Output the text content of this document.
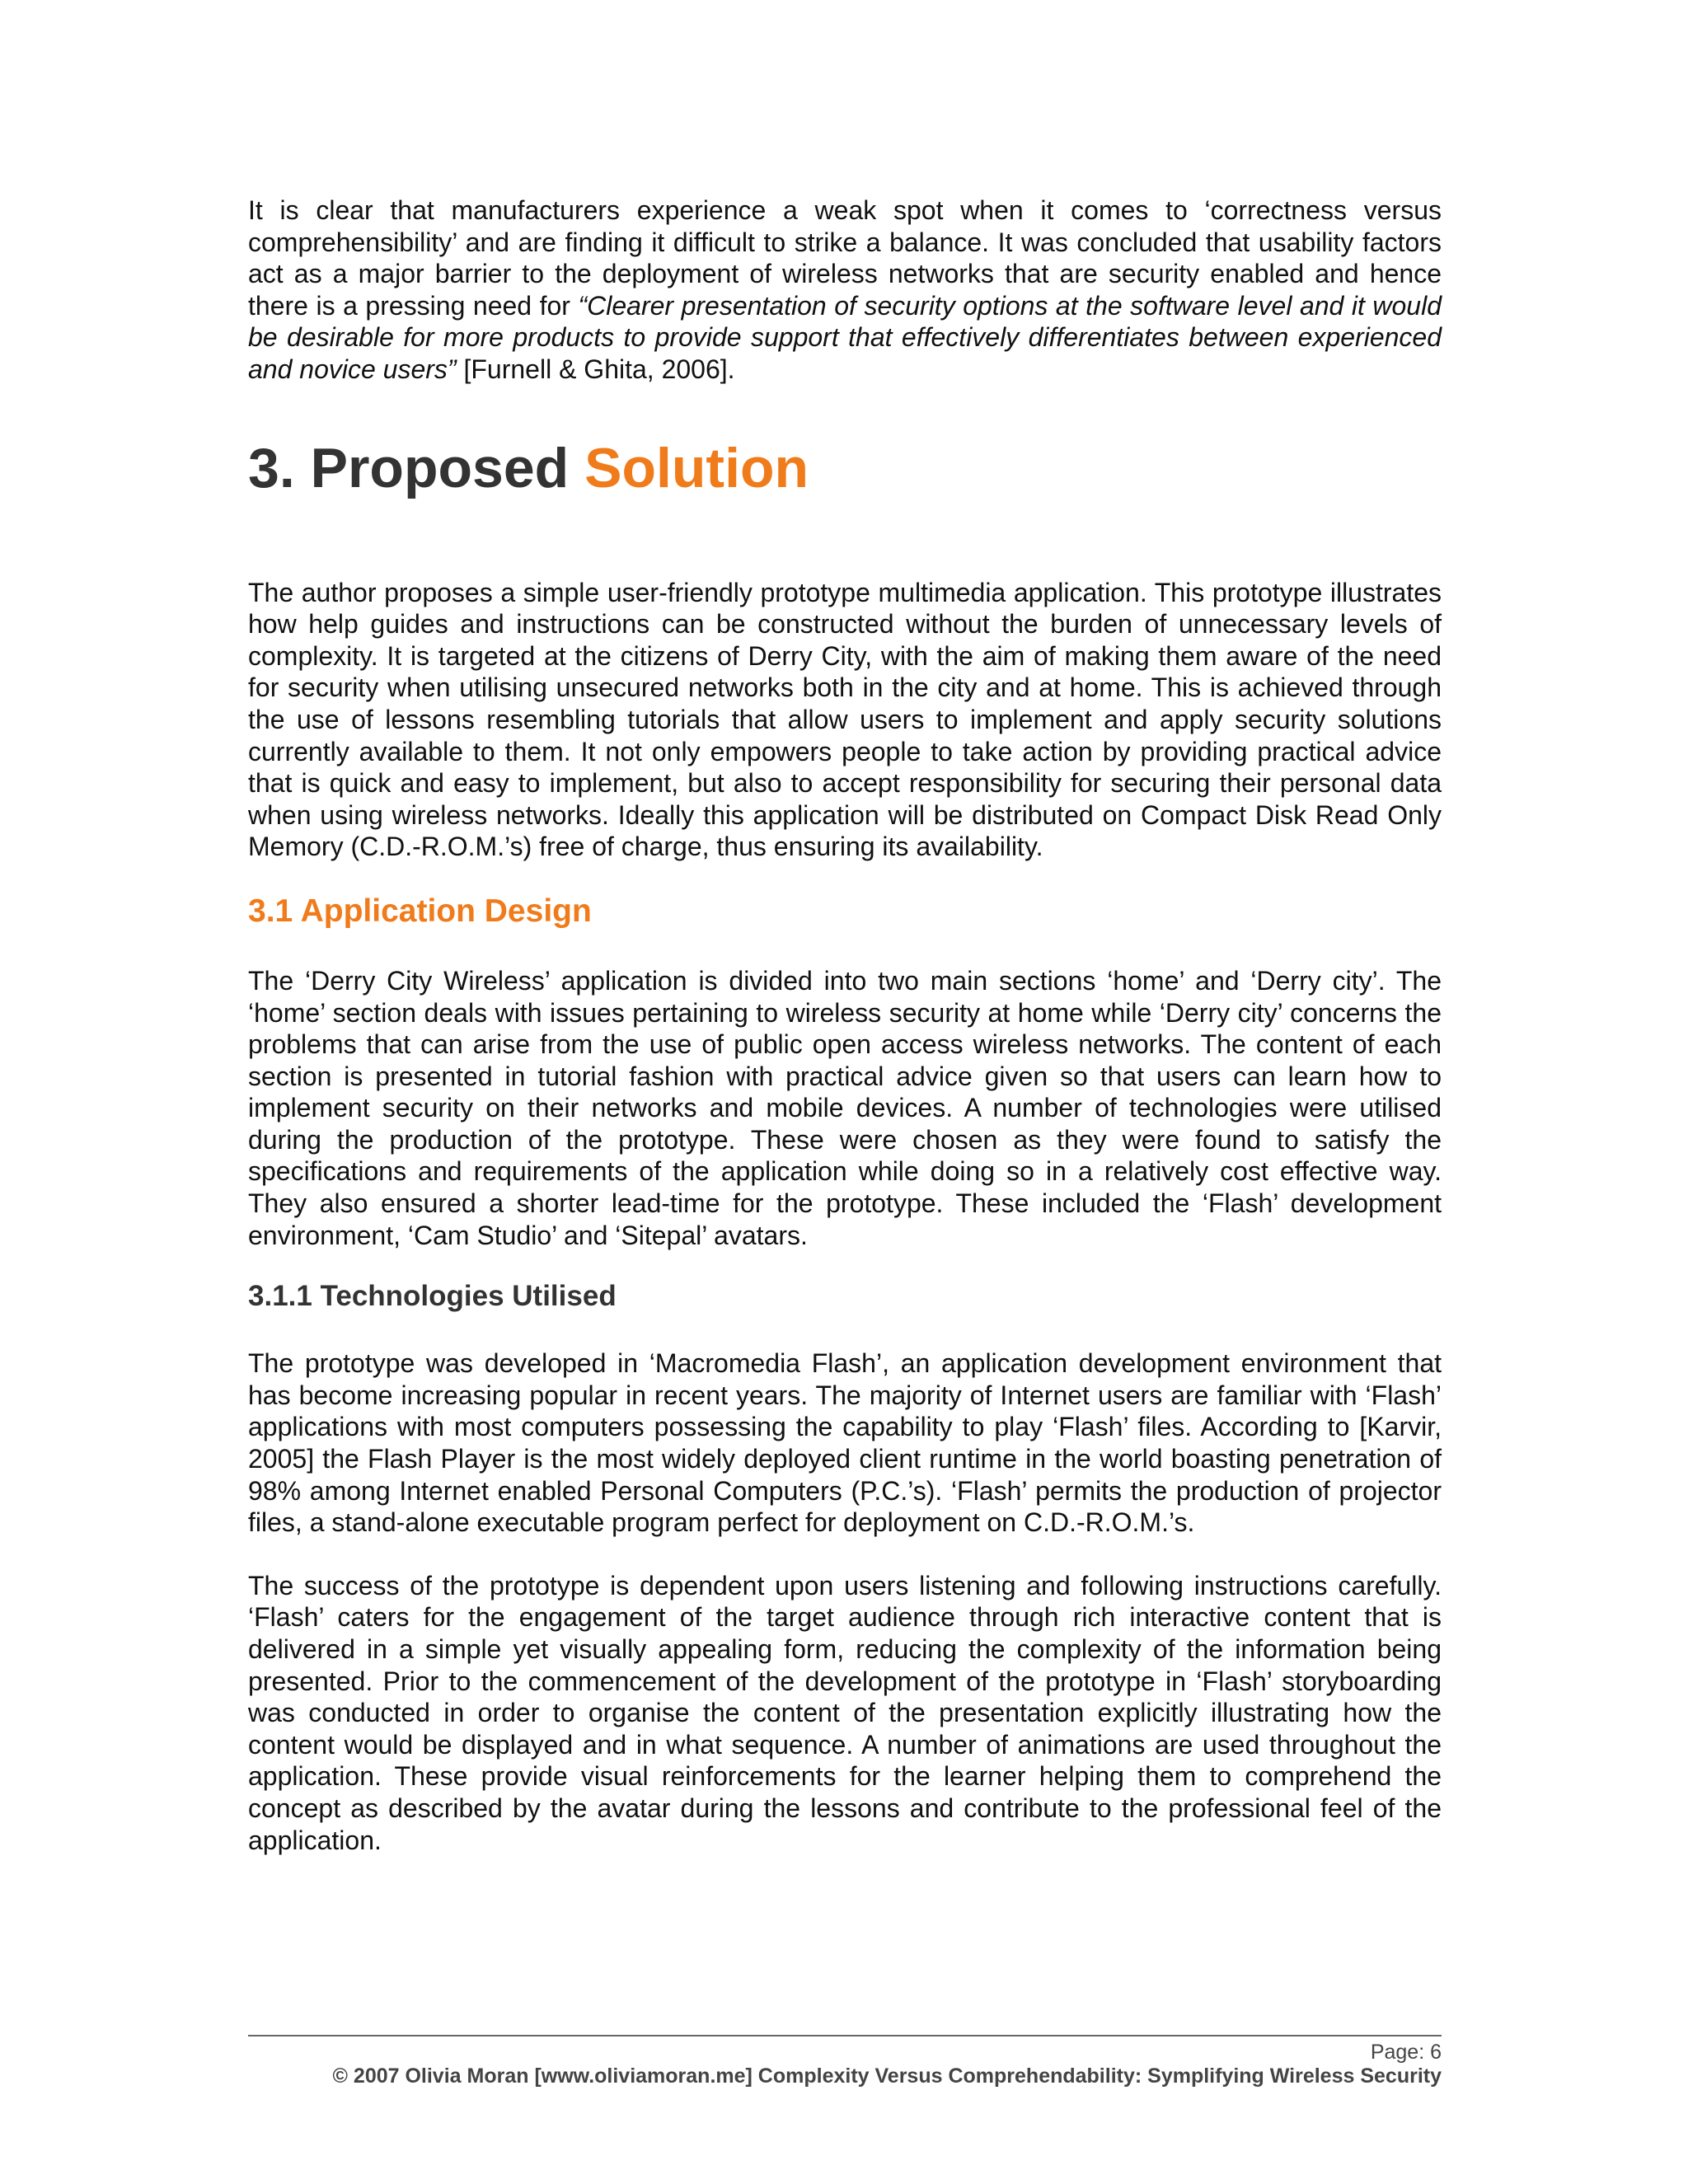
It is clear that manufacturers experience a weak spot when it comes to ‘correctness versus comprehensibility’ and are finding it difficult to strike a balance. It was concluded that usability factors act as a major barrier to the deployment of wireless networks that are security enabled and hence there is a pressing need for “Clearer presentation of security options at the software level and it would be desirable for more products to provide support that effectively differentiates between experienced and novice users” [Furnell & Ghita, 2006].

3. Proposed Solution

The author proposes a simple user-friendly prototype multimedia application. This prototype illustrates how help guides and instructions can be constructed without the burden of unnecessary levels of complexity. It is targeted at the citizens of Derry City, with the aim of making them aware of the need for security when utilising unsecured networks both in the city and at home. This is achieved through the use of lessons resembling tutorials that allow users to implement and apply security solutions currently available to them. It not only empowers people to take action by providing practical advice that is quick and easy to implement, but also to accept responsibility for securing their personal data when using wireless networks. Ideally this application will be distributed on Compact Disk Read Only Memory (C.D.-R.O.M.’s) free of charge, thus ensuring its availability.

3.1 Application Design

The ‘Derry City Wireless’ application is divided into two main sections ‘home’ and ‘Derry city’. The ‘home’ section deals with issues pertaining to wireless security at home while ‘Derry city’ concerns the problems that can arise from the use of public open access wireless networks. The content of each section is presented in tutorial fashion with practical advice given so that users can learn how to implement security on their networks and mobile devices. A number of technologies were utilised during the production of the prototype. These were chosen as they were found to satisfy the specifications and requirements of the application while doing so in a relatively cost effective way. They also ensured a shorter lead-time for the prototype. These included the ‘Flash’ development environment, ‘Cam Studio’ and ‘Sitepal’ avatars.

3.1.1 Technologies Utilised

The prototype was developed in ‘Macromedia Flash’, an application development environment that has become increasing popular in recent years. The majority of Internet users are familiar with ‘Flash’ applications with most computers possessing the capability to play ‘Flash’ files. According to [Karvir, 2005] the Flash Player is the most widely deployed client runtime in the world boasting penetration of 98% among Internet enabled Personal Computers (P.C.’s). ‘Flash’ permits the production of projector files, a stand-alone executable program perfect for deployment on C.D.-R.O.M.’s.

The success of the prototype is dependent upon users listening and following instructions carefully. ‘Flash’ caters for the engagement of the target audience through rich interactive content that is delivered in a simple yet visually appealing form, reducing the complexity of the information being presented. Prior to the commencement of the development of the prototype in ‘Flash’ storyboarding was conducted in order to organise the content of the presentation explicitly illustrating how the content would be displayed and in what sequence. A number of animations are used throughout the application. These provide visual reinforcements for the learner helping them to comprehend the concept as described by the avatar during the lessons and contribute to the professional feel of the application.

Page: 6
© 2007 Olivia Moran [www.oliviamoran.me] Complexity Versus Comprehendability: Symplifying Wireless Security
